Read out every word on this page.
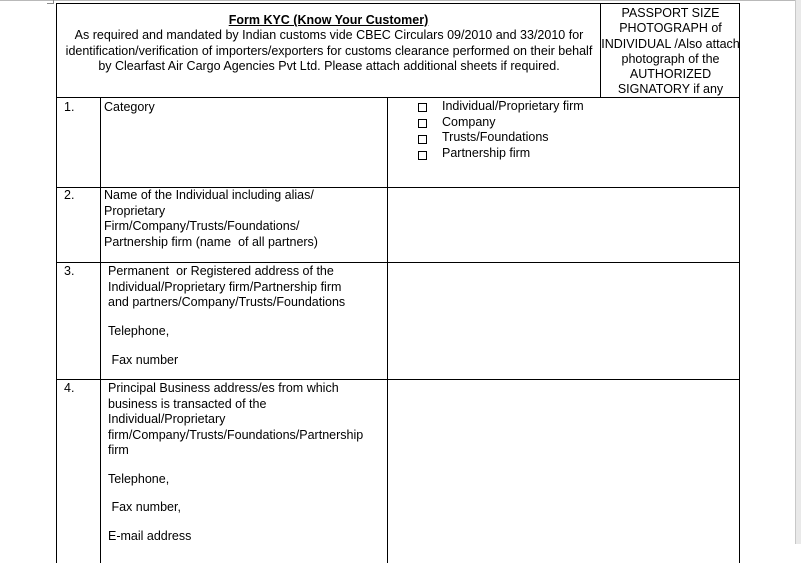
Form KYC (Know Your Customer)
As required and mandated by Indian customs vide CBEC Circulars 09/2010 and 33/2010 for identification/verification of importers/exporters for customs clearance performed on their behalf by Clearfast Air Cargo Agencies Pvt Ltd. Please attach additional sheets if required.
PASSPORT SIZE PHOTOGRAPH of INDIVIDUAL /Also attach photograph of the AUTHORIZED SIGNATORY if any
1. Category	Individual/Proprietary firm
Company
Trusts/Foundations
Partnership firm
2. Name of the Individual including alias/
Proprietary
Firm/Company/Trusts/Foundations/
Partnership firm (name  of all partners)
3.	Permanent  or Registered address of the
Individual/Proprietary firm/Partnership firm
and partners/Company/Trusts/Foundations
Telephone,
Fax number
4.	Principal Business address/es from which
business is transacted of the
Individual/Proprietary
firm/Company/Trusts/Foundations/Partnership
firm
Telephone,
Fax number,
E-mail address
